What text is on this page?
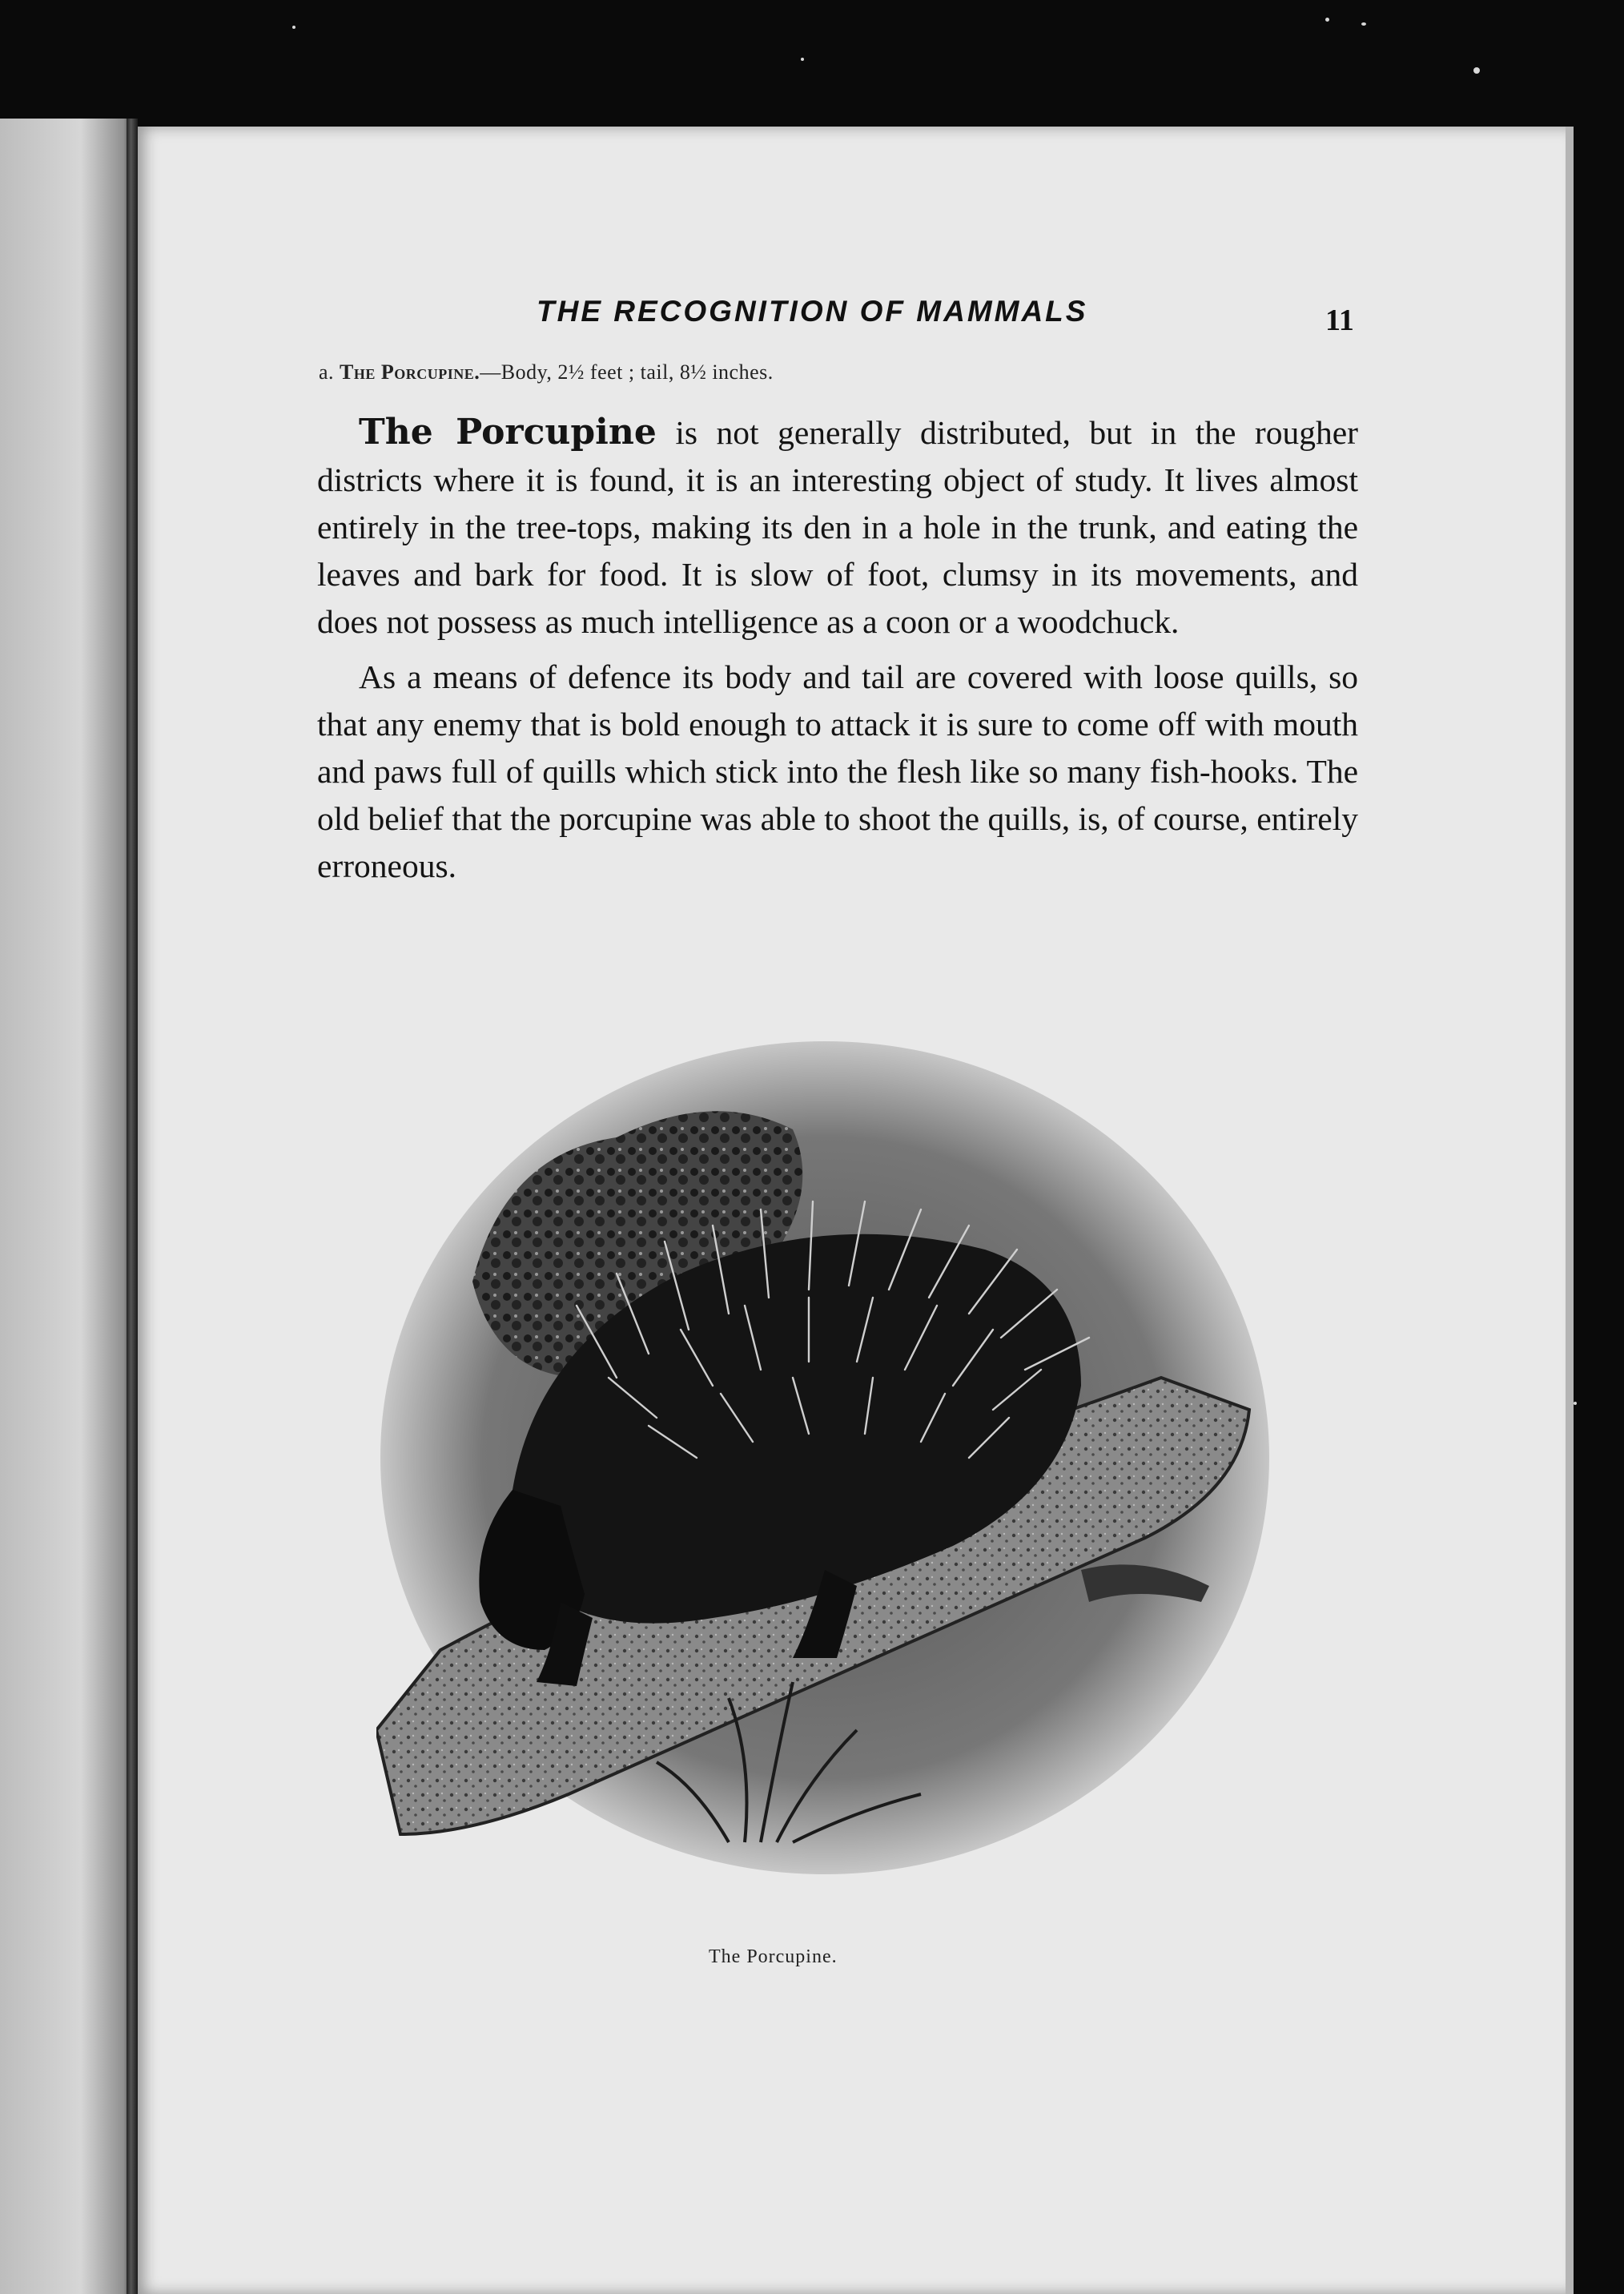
THE RECOGNITION OF MAMMALS	11
a. The Porcupine.—Body, 2½ feet ; tail, 8½ inches.

The Porcupine is not generally distributed, but in the rougher districts where it is found, it is an interesting object of study. It lives almost entirely in the tree-tops, making its den in a hole in the trunk, and eating the leaves and bark for food. It is slow of foot, clumsy in its movements, and does not possess as much intelligence as a coon or a woodchuck.

As a means of defence its body and tail are covered with loose quills, so that any enemy that is bold enough to attack it is sure to come off with mouth and paws full of quills which stick into the flesh like so many fish-hooks. The old belief that the porcupine was able to shoot the quills, is, of course, entirely erroneous.

The Porcupine.
